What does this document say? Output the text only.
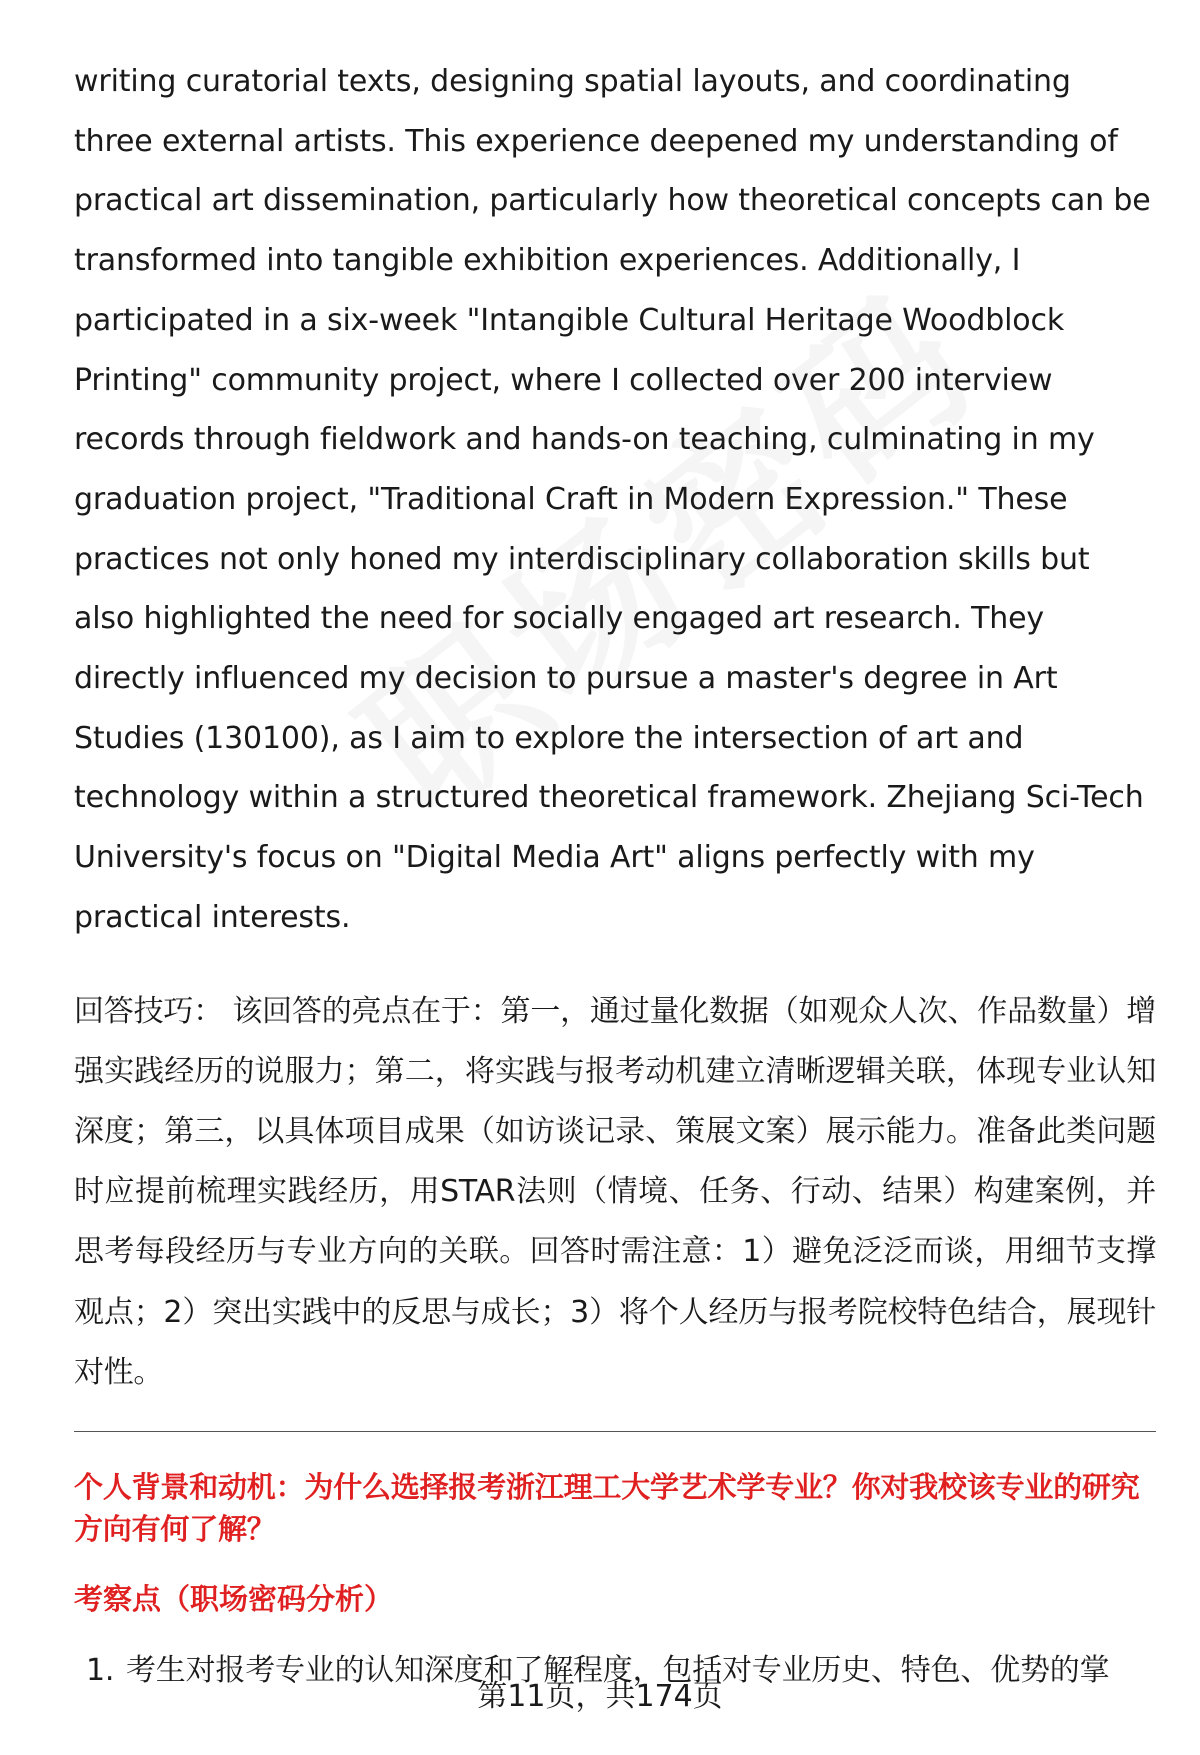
writing curatorial texts, designing spatial layouts, and coordinating three external artists. This experience deepened my understanding of practical art dissemination, particularly how theoretical concepts can be transformed into tangible exhibition experiences. Additionally, I participated in a six-week "Intangible Cultural Heritage Woodblock Printing" community project, where I collected over 200 interview records through fieldwork and hands-on teaching, culminating in my graduation project, "Traditional Craft in Modern Expression." These practices not only honed my interdisciplinary collaboration skills but also highlighted the need for socially engaged art research. They directly influenced my decision to pursue a master's degree in Art Studies (130100), as I aim to explore the intersection of art and technology within a structured theoretical framework. Zhejiang Sci-Tech University's focus on "Digital Media Art" aligns perfectly with my practical interests.

回答技巧： 该回答的亮点在于：第一，通过量化数据（如观众人次、作品数量）增强实践经历的说服力；第二，将实践与报考动机建立清晰逻辑关联，体现专业认知深度；第三，以具体项目成果（如访谈记录、策展文案）展示能力。准备此类问题时应提前梳理实践经历，用STAR法则（情境、任务、行动、结果）构建案例，并思考每段经历与专业方向的关联。回答时需注意：1）避免泛泛而谈，用细节支撑观点；2）突出实践中的反思与成长；3）将个人经历与报考院校特色结合，展现针对性。

个人背景和动机：为什么选择报考浙江理工大学艺术学专业？你对我校该专业的研究方向有何了解？

考察点（职场密码分析）

1. 考生对报考专业的认知深度和了解程度，包括对专业历史、特色、优势的掌
第11页，共174页
